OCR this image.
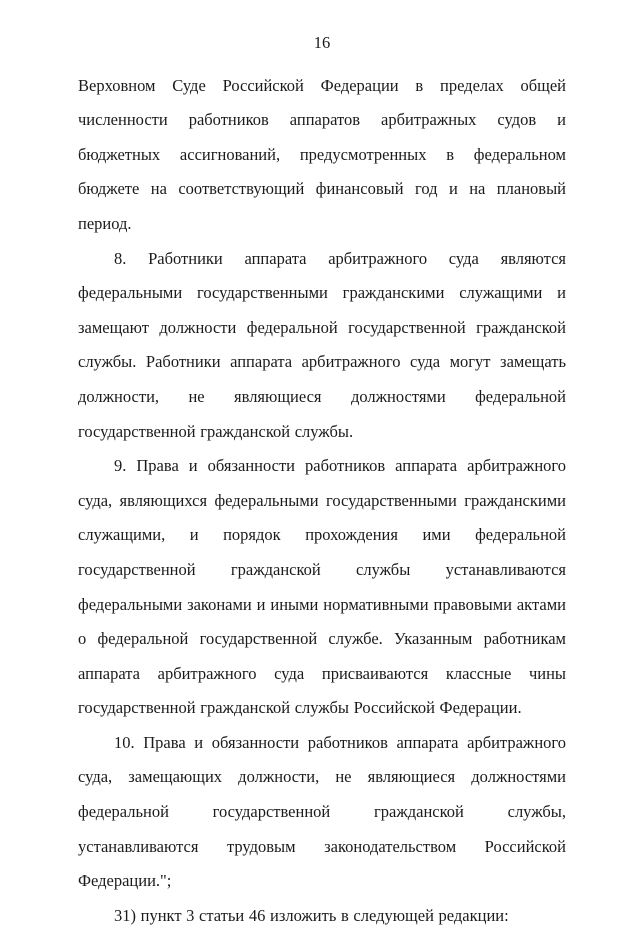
16

Верховном Суде Российской Федерации в пределах общей численности работников аппаратов арбитражных судов и бюджетных ассигнований, предусмотренных в федеральном бюджете на соответствующий финансовый год и на плановый период.

8. Работники аппарата арбитражного суда являются федеральными государственными гражданскими служащими и замещают должности федеральной государственной гражданской службы. Работники аппарата арбитражного суда могут замещать должности, не являющиеся должностями федеральной государственной гражданской службы.

9. Права и обязанности работников аппарата арбитражного суда, являющихся федеральными государственными гражданскими служащими, и порядок прохождения ими федеральной государственной гражданской службы устанавливаются федеральными законами и иными нормативными правовыми актами о федеральной государственной службе. Указанным работникам аппарата арбитражного суда присваиваются классные чины государственной гражданской службы Российской Федерации.

10. Права и обязанности работников аппарата арбитражного суда, замещающих должности, не являющиеся должностями федеральной государственной гражданской службы, устанавливаются трудовым законодательством Российской Федерации.";

31) пункт 3 статьи 46 изложить в следующей редакции:
